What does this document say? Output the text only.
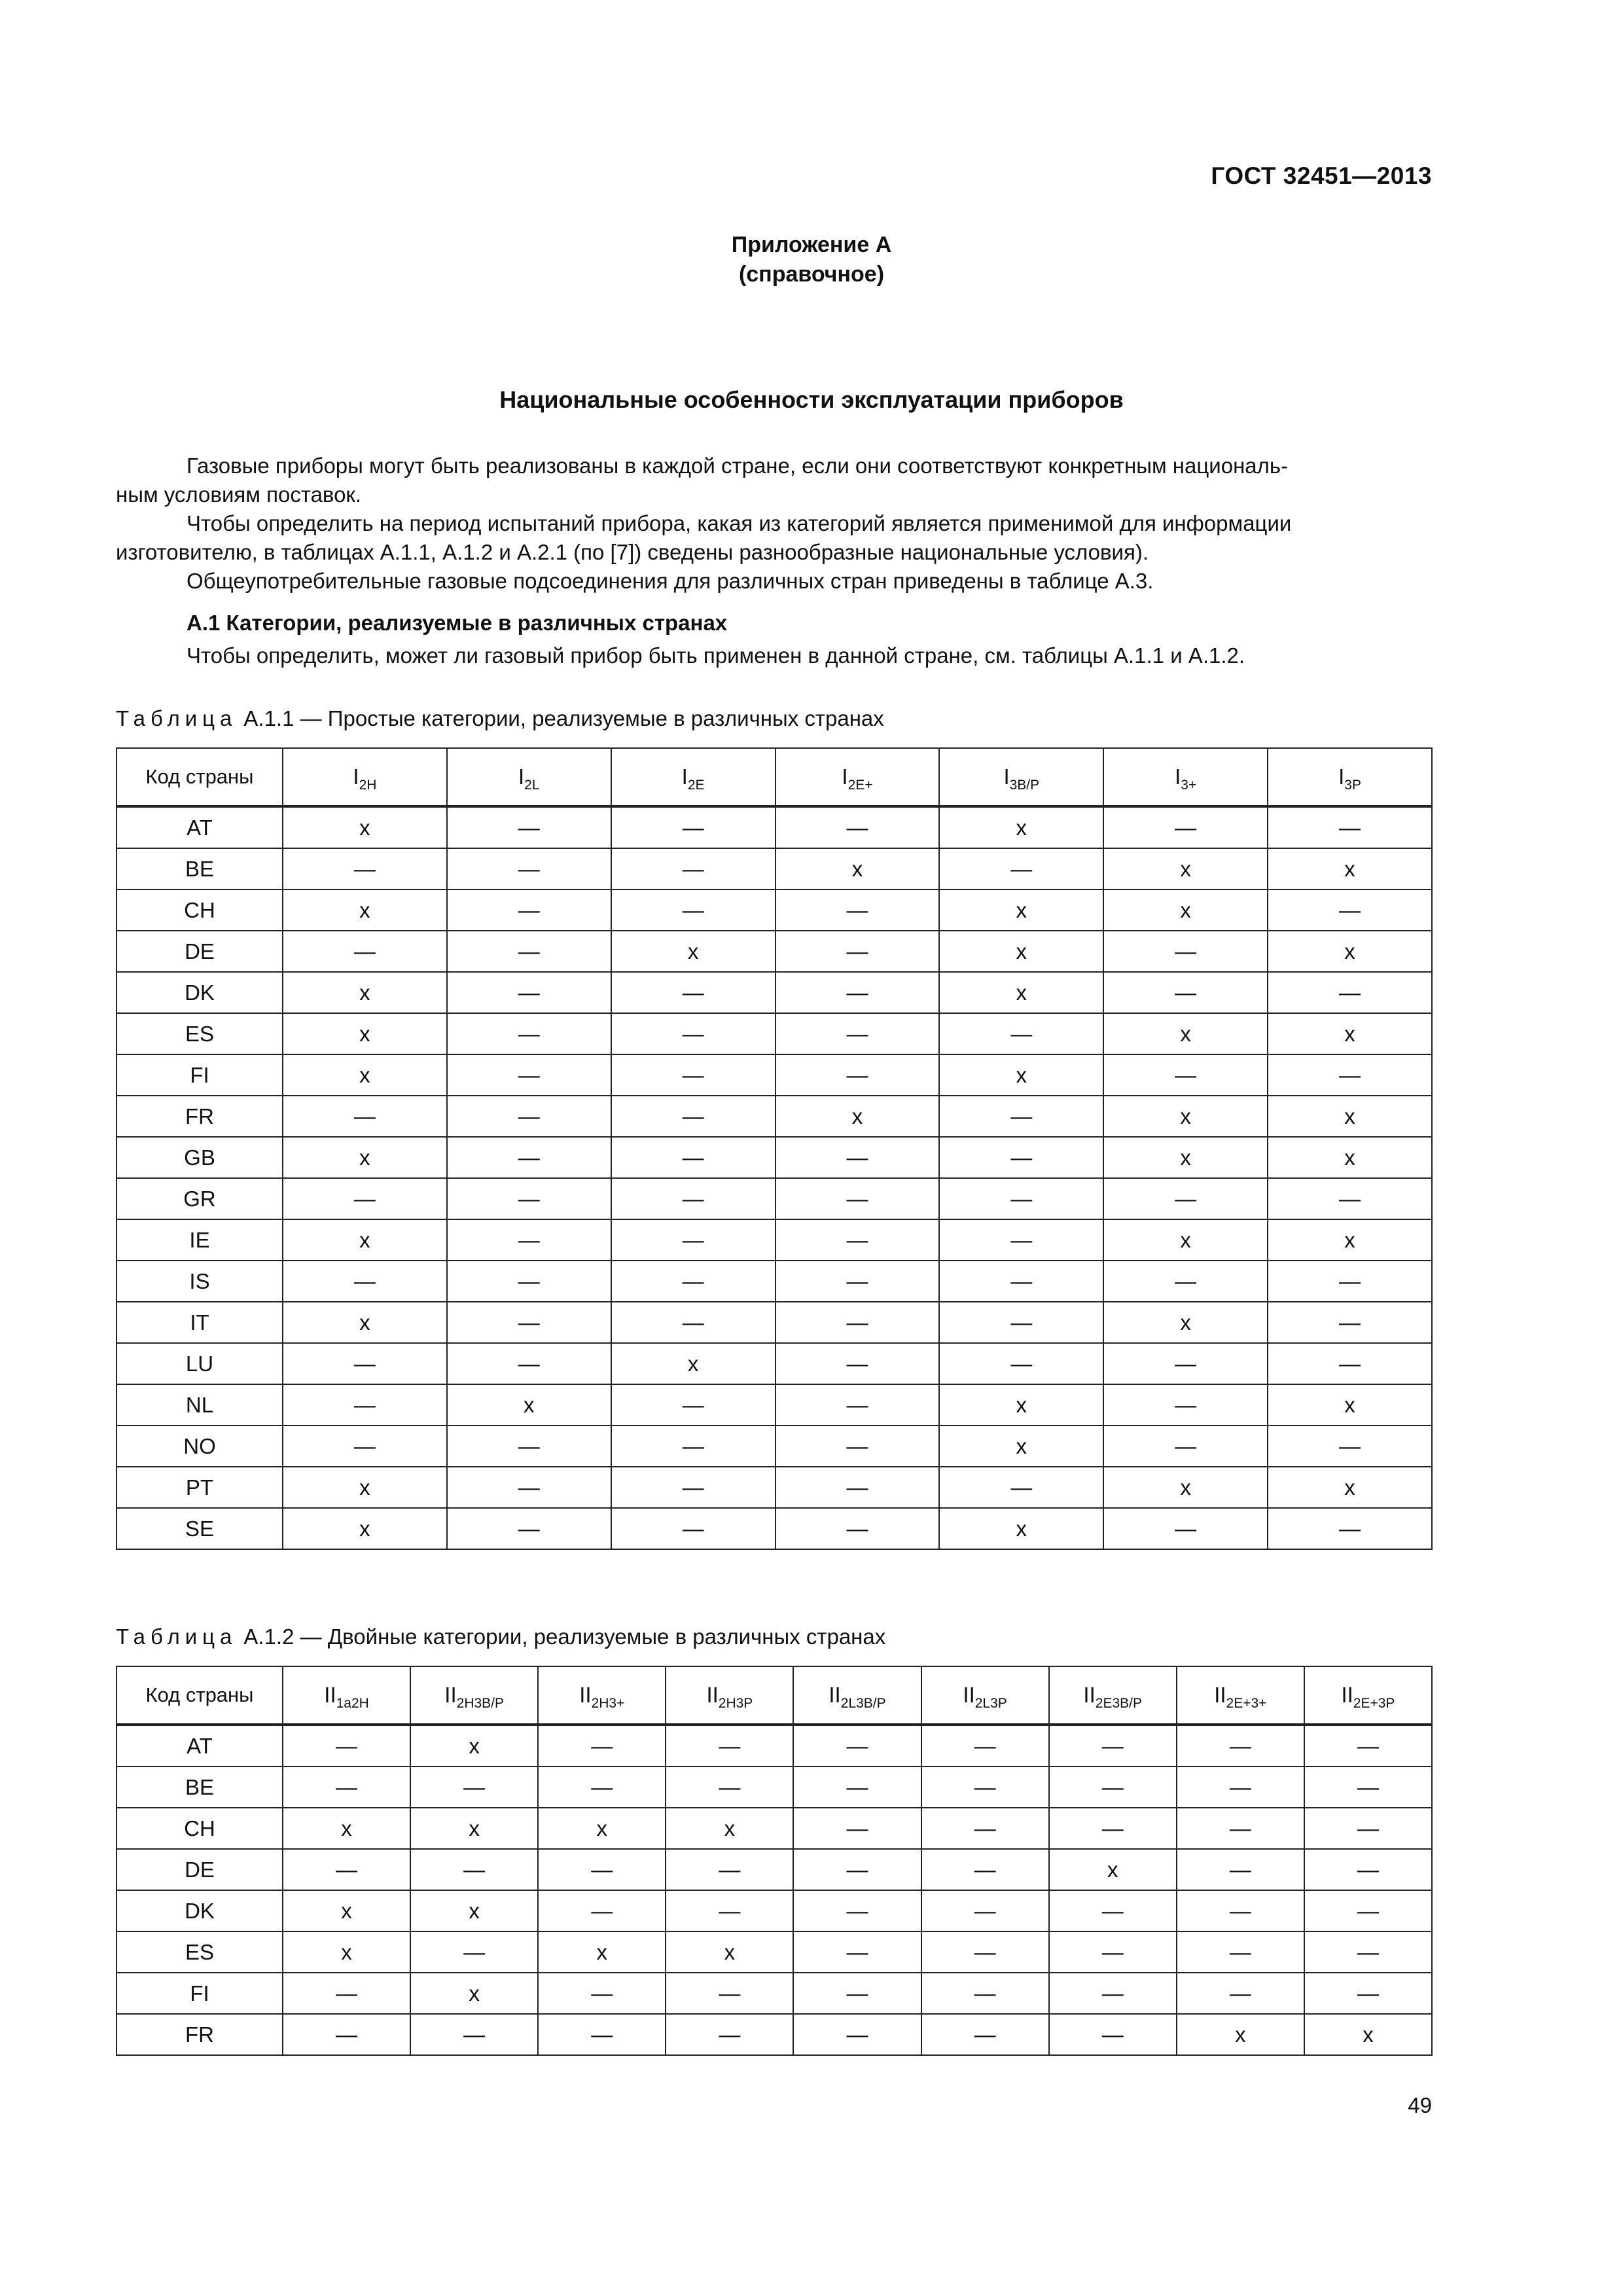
ГОСТ 32451—2013
Приложение А
(справочное)
Национальные особенности эксплуатации приборов
Газовые приборы могут быть реализованы в каждой стране, если они соответствуют конкретным националь-
ным условиям поставок.
Чтобы определить на период испытаний прибора, какая из категорий является применимой для информации
изготовителю, в таблицах А.1.1, А.1.2 и А.2.1 (по [7]) сведены разнообразные национальные условия).
Общеупотребительные газовые подсоединения для различных стран приведены в таблице А.3.
А.1 Категории, реализуемые в различных странах
Чтобы определить, может ли газовый прибор быть применен в данной стране, см. таблицы А.1.1 и А.1.2.
Таблица А.1.1 — Простые категории, реализуемые в различных странах
Код страны	$I_{2H}$	$I_{2L}$	$I_{2E}$	$I_{2E+}$	$I_{3B/P}$	$I_{3+}$	$I_{3P}$
AT	x	—	—	—	x	—	—
BE	—	—	—	x	—	x	x
CH	x	—	—	—	x	x	—
DE	—	—	x	—	x	—	x
DK	x	—	—	—	x	—	—
ES	x	—	—	—	—	x	x
FI	x	—	—	—	x	—	—
FR	—	—	—	x	—	x	x
GB	x	—	—	—	—	x	x
GR	—	—	—	—	—	—	—
IE	x	—	—	—	—	x	x
IS	—	—	—	—	—	—	—
IT	x	—	—	—	—	x	—
LU	—	—	x	—	—	—	—
NL	—	x	—	—	x	—	x
NO	—	—	—	—	x	—	—
PT	x	—	—	—	—	x	x
SE	x	—	—	—	x	—	—
Таблица А.1.2 — Двойные категории, реализуемые в различных странах
Код страны	$II_{1a2H}$	$II_{2H3B/P}$	$II_{2H3+}$	$II_{2H3P}$	$II_{2L3B/P}$	$II_{2L3P}$	$II_{2E3B/P}$	$II_{2E+3+}$	$II_{2E+3P}$
AT	—	x	—	—	—	—	—	—	—
BE	—	—	—	—	—	—	—	—	—
CH	x	x	x	x	—	—	—	—	—
DE	—	—	—	—	—	—	x	—	—
DK	x	x	—	—	—	—	—	—	—
ES	x	—	x	x	—	—	—	—	—
FI	—	x	—	—	—	—	—	—	—
FR	—	—	—	—	—	—	—	x	x
49
